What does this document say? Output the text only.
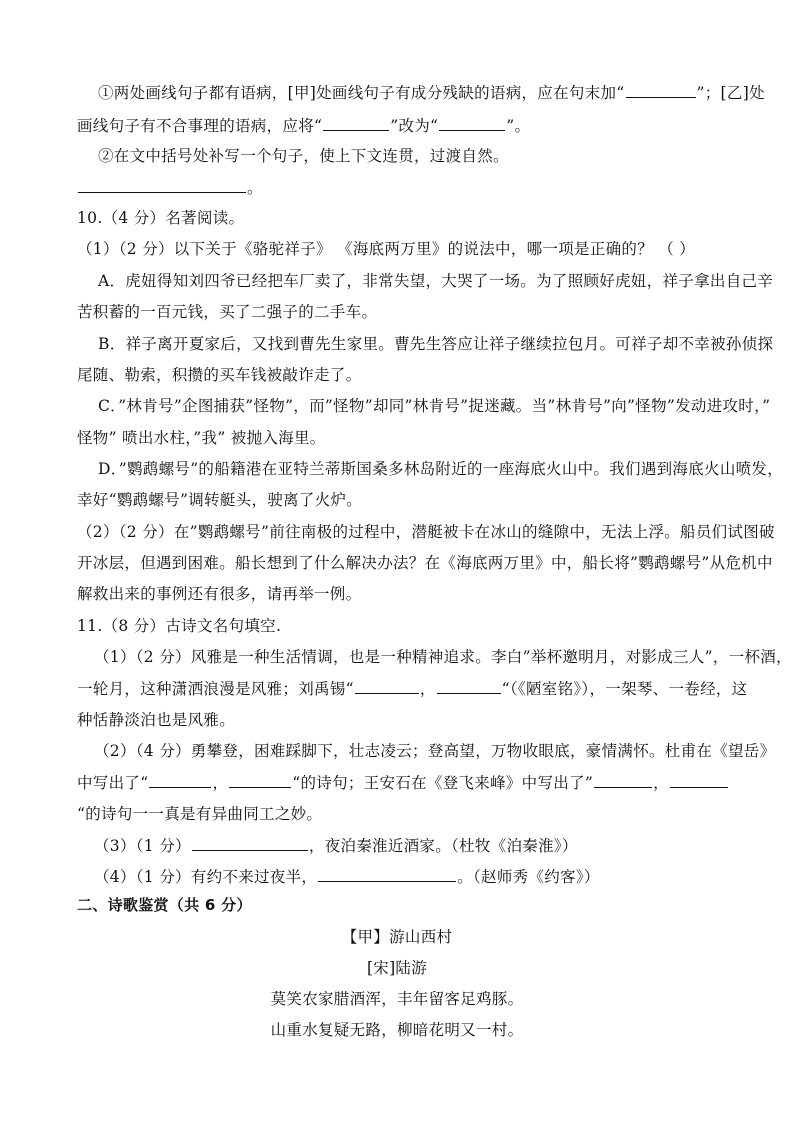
①两处画线句子都有语病，[甲]处画线句子有成分残缺的语病，应在句末加“	”；[乙]处
画线句子有不合事理的语病，应将“	”改为“	”。
②在文中括号处补写一个句子，使上下文连贯，过渡自然。
。
10.（4 分）名著阅读。
（1）（2 分）以下关于《骆驼祥子》 《海底两万里》的说法中，哪一项是正确的？ （ ）
A．虎妞得知刘四爷已经把车厂卖了，非常失望，大哭了一场。为了照顾好虎妞，祥子拿出自己辛
苦积蓄的一百元钱，买了二强子的二手车。
B．祥子离开夏家后，又找到曹先生家里。曹先生答应让祥子继续拉包月。可祥子却不幸被孙侦探
尾随、勒索，积攒的买车钱被敲诈走了。
C．”林肯号”企图捕获”怪物”，而”怪物”却同”林肯号”捉迷藏。当”林肯号”向”怪物”发动进攻时，”
怪物” 喷出水柱，”我” 被抛入海里。
D．”鹦鹉螺号”的船籍港在亚特兰蒂斯国桑多林岛附近的一座海底火山中。我们遇到海底火山喷发，
幸好“鹦鹉螺号”调转艇头，驶离了火炉。
（2）（2 分）在”鹦鹉螺号”前往南极的过程中，潜艇被卡在冰山的缝隙中，无法上浮。船员们试图破
开冰层，但遇到困难。船长想到了什么解决办法？在《海底两万里》中，船长将”鹦鹉螺号”从危机中
解救出来的事例还有很多，请再举一例。
11.（8 分）古诗文名句填空.
（1）（2 分）风雅是一种生活情调，也是一种精神追求。李白”举杯邀明月，对影成三人”，一杯酒，
一轮月，这种潇洒浪漫是风雅；刘禹锡“	，	“（《陋室铭》），一架琴、一卷经，这
种恬静淡泊也是风雅。
（2）（4 分）勇攀登，困难踩脚下，壮志凌云；登高望，万物收眼底，豪情满怀。杜甫在《望岳》
中写出了“	，	“的诗句；王安石在《登飞来峰》中写出了”	，
“的诗句一一真是有异曲同工之妙。
（3）（1 分）	，夜泊秦淮近酒家。（杜牧《泊秦淮》）
（4）（1 分）有约不来过夜半，	。（赵师秀《约客》）
二、诗歌鉴赏（共 6 分）
【甲】游山西村
[宋]陆游
莫笑农家腊酒浑，丰年留客足鸡豚。
山重水复疑无路，柳暗花明又一村。
